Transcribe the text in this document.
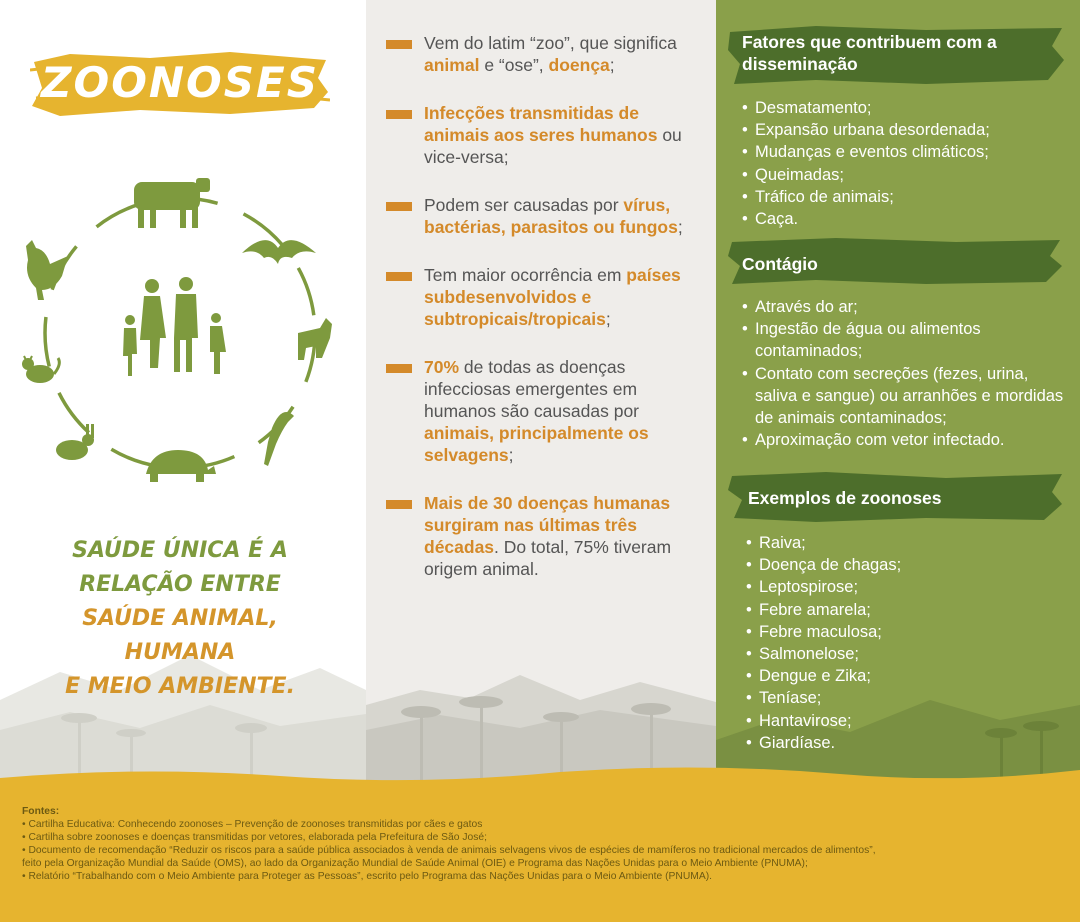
ZOONOSES
SAÚDE ÚNICA É A
RELAÇÃO ENTRE
SAÚDE ANIMAL, HUMANA
E MEIO AMBIENTE.
Vem do latim “zoo”, que significa animal e “ose”, doença;
Infecções transmitidas de animais aos seres humanos ou vice-versa;
Podem ser causadas por vírus, bactérias, parasitos ou fungos;
Tem maior ocorrência em países subdesenvolvidos e subtropicais/tropicais;
70% de todas as doenças infecciosas emergentes em humanos são causadas por animais, principalmente os selvagens;
Mais de 30 doenças humanas surgiram nas últimas três décadas. Do total, 75% tiveram origem animal.
Fatores que contribuem com a disseminação
• Desmatamento;
• Expansão urbana desordenada;
• Mudanças e eventos climáticos;
• Queimadas;
• Tráfico de animais;
• Caça.
Contágio
• Através do ar;
• Ingestão de água ou alimentos contaminados;
• Contato com secreções (fezes, urina, saliva e sangue) ou arranhões e mordidas de animais contaminados;
• Aproximação com vetor infectado.
Exemplos de zoonoses
• Raiva;
• Doença de chagas;
• Leptospirose;
• Febre amarela;
• Febre maculosa;
• Salmonelose;
• Dengue e Zika;
• Teníase;
• Hantavirose;
• Giardíase.
Fontes:
• Cartilha Educativa: Conhecendo zoonoses – Prevenção de zoonoses transmitidas por cães e gatos
• Cartilha sobre zoonoses e doenças transmitidas por vetores, elaborada pela Prefeitura de São José;
• Documento de recomendação “Reduzir os riscos para a saúde pública associados à venda de animais selvagens vivos de espécies de mamíferos no tradicional mercados de alimentos”,
feito pela Organização Mundial da Saúde (OMS), ao lado da Organização Mundial de Saúde Animal (OIE) e Programa das Nações Unidas para o Meio Ambiente (PNUMA);
• Relatório “Trabalhando com o Meio Ambiente para Proteger as Pessoas”, escrito pelo Programa das Nações Unidas para o Meio Ambiente (PNUMA).
